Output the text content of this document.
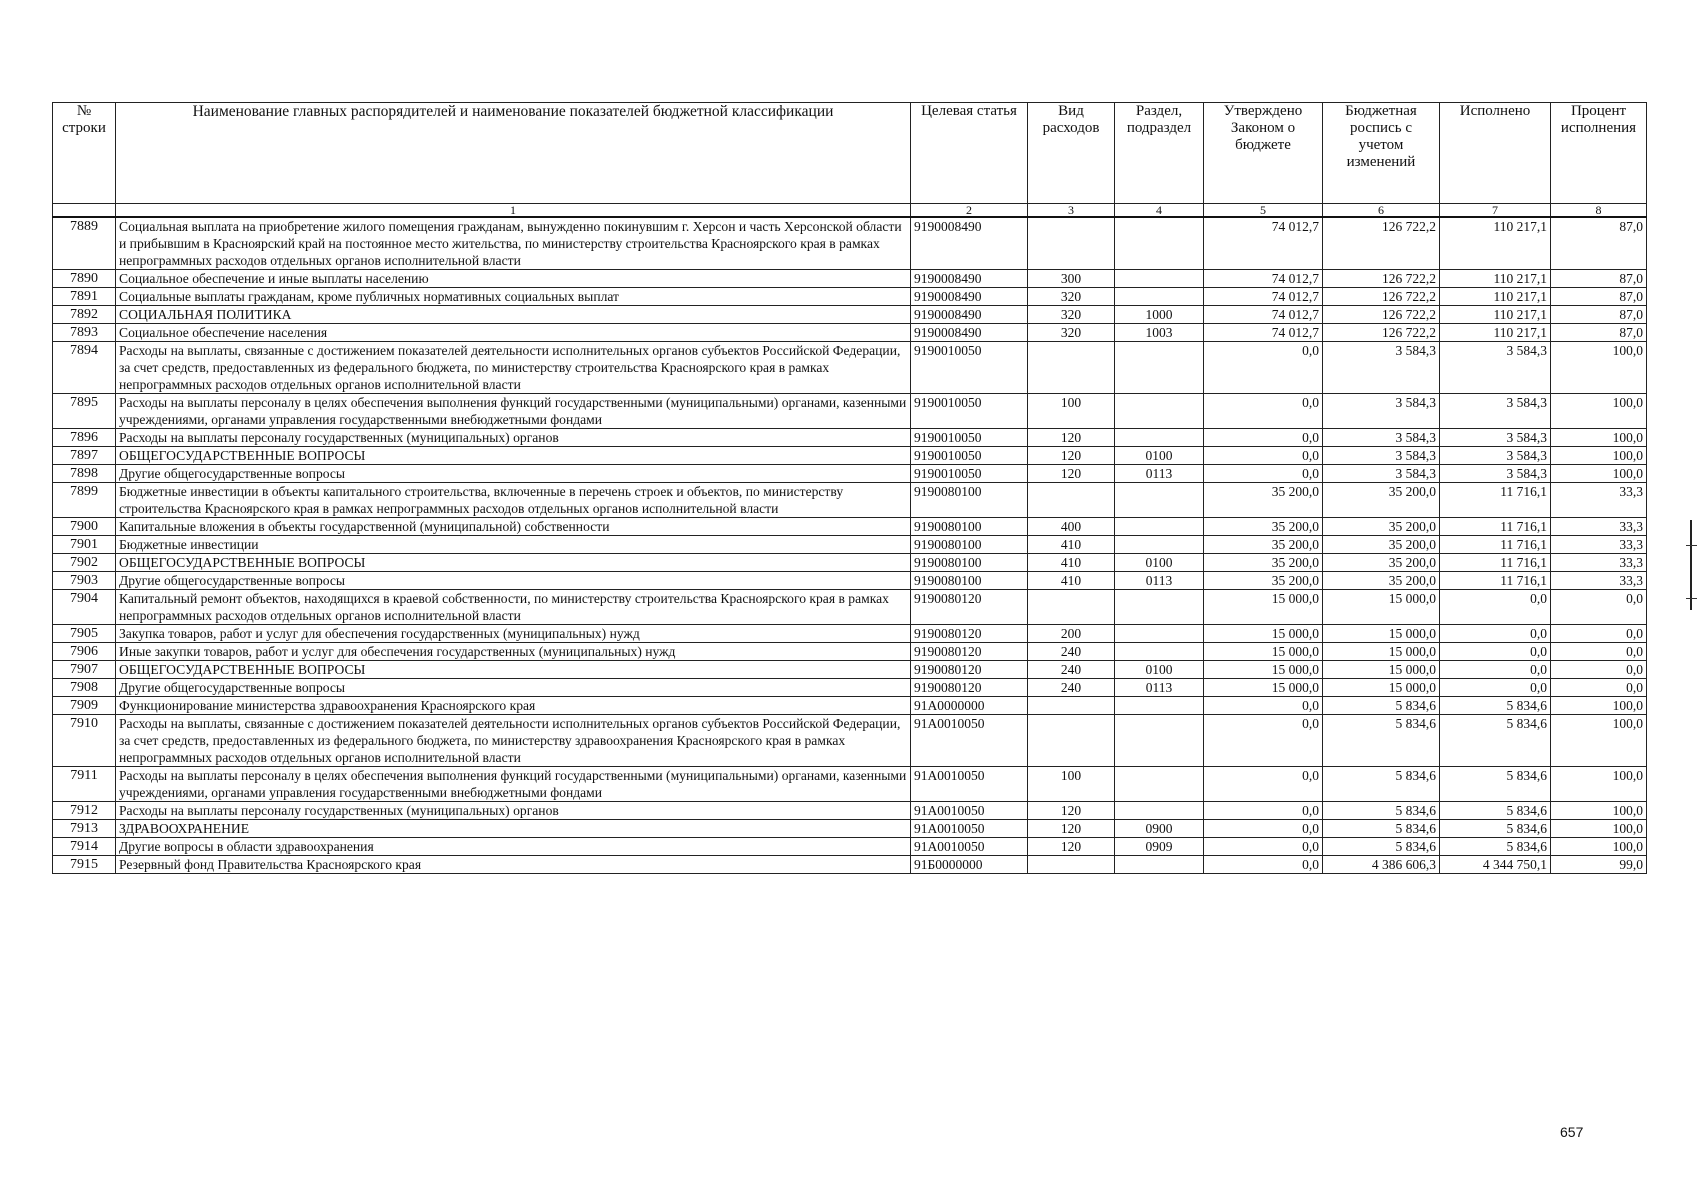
№ строки	Наименование главных распорядителей и наименование показателей бюджетной классификации	Целевая статья	Вид расходов	Раздел, подраздел	Утверждено Законом о бюджете	Бюджетная роспись с учетом изменений	Исполнено	Процент исполнения
	1	2	3	4	5	6	7	8
7889	Социальная выплата на приобретение жилого помещения гражданам, вынужденно покинувшим г. Херсон и часть Херсонской области и прибывшим в Красноярский край на постоянное место жительства, по министерству строительства Красноярского края в рамках непрограммных расходов отдельных органов исполнительной власти	9190008490			74 012,7	126 722,2	110 217,1	87,0
7890	Социальное обеспечение и иные выплаты населению	9190008490	300		74 012,7	126 722,2	110 217,1	87,0
7891	Социальные выплаты гражданам, кроме публичных нормативных социальных выплат	9190008490	320		74 012,7	126 722,2	110 217,1	87,0
7892	СОЦИАЛЬНАЯ ПОЛИТИКА	9190008490	320	1000	74 012,7	126 722,2	110 217,1	87,0
7893	Социальное обеспечение населения	9190008490	320	1003	74 012,7	126 722,2	110 217,1	87,0
7894	Расходы на выплаты, связанные с достижением показателей деятельности исполнительных органов субъектов Российской Федерации, за счет средств, предоставленных из федерального бюджета, по министерству строительства Красноярского края в рамках непрограммных расходов отдельных органов исполнительной власти	9190010050			0,0	3 584,3	3 584,3	100,0
7895	Расходы на выплаты персоналу в целях обеспечения выполнения функций государственными (муниципальными) органами, казенными учреждениями, органами управления государственными внебюджетными фондами	9190010050	100		0,0	3 584,3	3 584,3	100,0
7896	Расходы на выплаты персоналу государственных (муниципальных) органов	9190010050	120		0,0	3 584,3	3 584,3	100,0
7897	ОБЩЕГОСУДАРСТВЕННЫЕ ВОПРОСЫ	9190010050	120	0100	0,0	3 584,3	3 584,3	100,0
7898	Другие общегосударственные вопросы	9190010050	120	0113	0,0	3 584,3	3 584,3	100,0
7899	Бюджетные инвестиции в объекты капитального строительства, включенные в перечень строек и объектов, по министерству строительства Красноярского края в рамках непрограммных расходов отдельных органов исполнительной власти	9190080100			35 200,0	35 200,0	11 716,1	33,3
7900	Капитальные вложения в объекты государственной (муниципальной) собственности	9190080100	400		35 200,0	35 200,0	11 716,1	33,3
7901	Бюджетные инвестиции	9190080100	410		35 200,0	35 200,0	11 716,1	33,3
7902	ОБЩЕГОСУДАРСТВЕННЫЕ ВОПРОСЫ	9190080100	410	0100	35 200,0	35 200,0	11 716,1	33,3
7903	Другие общегосударственные вопросы	9190080100	410	0113	35 200,0	35 200,0	11 716,1	33,3
7904	Капитальный ремонт объектов, находящихся в краевой собственности, по министерству строительства Красноярского края в рамках непрограммных расходов отдельных органов исполнительной власти	9190080120			15 000,0	15 000,0	0,0	0,0
7905	Закупка товаров, работ и услуг для обеспечения государственных (муниципальных) нужд	9190080120	200		15 000,0	15 000,0	0,0	0,0
7906	Иные закупки товаров, работ и услуг для обеспечения государственных (муниципальных) нужд	9190080120	240		15 000,0	15 000,0	0,0	0,0
7907	ОБЩЕГОСУДАРСТВЕННЫЕ ВОПРОСЫ	9190080120	240	0100	15 000,0	15 000,0	0,0	0,0
7908	Другие общегосударственные вопросы	9190080120	240	0113	15 000,0	15 000,0	0,0	0,0
7909	Функционирование министерства здравоохранения Красноярского края	91А0000000			0,0	5 834,6	5 834,6	100,0
7910	Расходы на выплаты, связанные с достижением показателей деятельности исполнительных органов субъектов Российской Федерации, за счет средств, предоставленных из федерального бюджета, по министерству здравоохранения Красноярского края в рамках непрограммных расходов отдельных органов исполнительной власти	91А0010050			0,0	5 834,6	5 834,6	100,0
7911	Расходы на выплаты персоналу в целях обеспечения выполнения функций государственными (муниципальными) органами, казенными учреждениями, органами управления государственными внебюджетными фондами	91А0010050	100		0,0	5 834,6	5 834,6	100,0
7912	Расходы на выплаты персоналу государственных (муниципальных) органов	91А0010050	120		0,0	5 834,6	5 834,6	100,0
7913	ЗДРАВООХРАНЕНИЕ	91А0010050	120	0900	0,0	5 834,6	5 834,6	100,0
7914	Другие вопросы в области здравоохранения	91А0010050	120	0909	0,0	5 834,6	5 834,6	100,0
7915	Резервный фонд Правительства Красноярского края	91Б0000000			0,0	4 386 606,3	4 344 750,1	99,0
657
